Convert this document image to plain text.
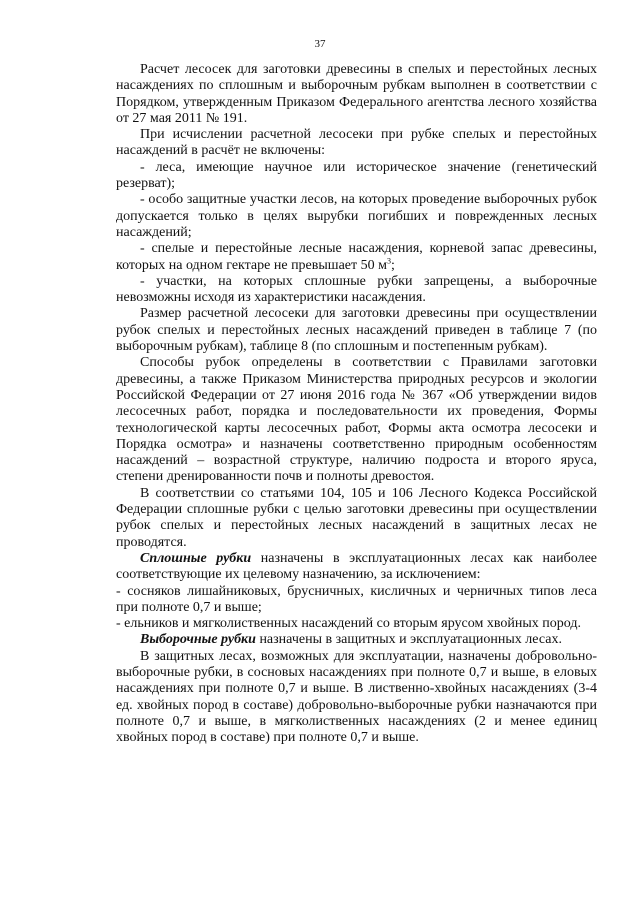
37

Расчет лесосек для заготовки древесины в спелых и перестойных лесных насаждениях по сплошным и выборочным рубкам выполнен в соответствии с Порядком, утвержденным Приказом Федерального агентства лесного хозяйства от 27 мая 2011 № 191.

При исчислении расчетной лесосеки при рубке спелых и перестойных насаждений в расчёт не включены:

- леса, имеющие научное или историческое значение (генетический резерват);

- особо защитные участки лесов, на которых проведение выборочных рубок допускается только в целях вырубки погибших и поврежденных лесных насаждений;

- спелые и перестойные лесные насаждения, корневой запас древесины, которых на одном гектаре не превышает 50 $м^3$;

- участки, на которых сплошные рубки запрещены, а выборочные невозможны исходя из характеристики насаждения.

Размер расчетной лесосеки для заготовки древесины при осуществлении рубок спелых и перестойных лесных насаждений приведен в таблице 7 (по выборочным рубкам), таблице 8 (по сплошным и постепенным рубкам).

Способы рубок определены в соответствии с Правилами заготовки древесины, а также Приказом Министерства природных ресурсов и экологии Российской Федерации от 27 июня 2016 года № 367 «Об утверждении видов лесосечных работ, порядка и последовательности их проведения, Формы технологической карты лесосечных работ, Формы акта осмотра лесосеки и Порядка осмотра» и назначены соответственно природным особенностям насаждений – возрастной структуре, наличию подроста и второго яруса, степени дренированности почв и полноты древостоя.

В соответствии со статьями 104, 105 и 106 Лесного Кодекса Российской Федерации сплошные рубки с целью заготовки древесины при осуществлении рубок спелых и перестойных лесных насаждений в защитных лесах не проводятся.

Сплошные рубки назначены в эксплуатационных лесах как наиболее соответствующие их целевому назначению, за исключением:

- сосняков лишайниковых, брусничных, кисличных и черничных типов леса при полноте 0,7 и выше;

- ельников и мягколиственных насаждений со вторым ярусом хвойных пород.

Выборочные рубки назначены в защитных и эксплуатационных лесах.

В защитных лесах, возможных для эксплуатации, назначены добровольно-выборочные рубки, в сосновых насаждениях при полноте 0,7 и выше, в еловых насаждениях при полноте 0,7 и выше. В лиственно-хвойных насаждениях (3-4 ед. хвойных пород в составе) добровольно-выборочные рубки назначаются при полноте 0,7 и выше, в мягколиственных насаждениях (2 и менее единиц хвойных пород в составе) при полноте 0,7 и выше.
